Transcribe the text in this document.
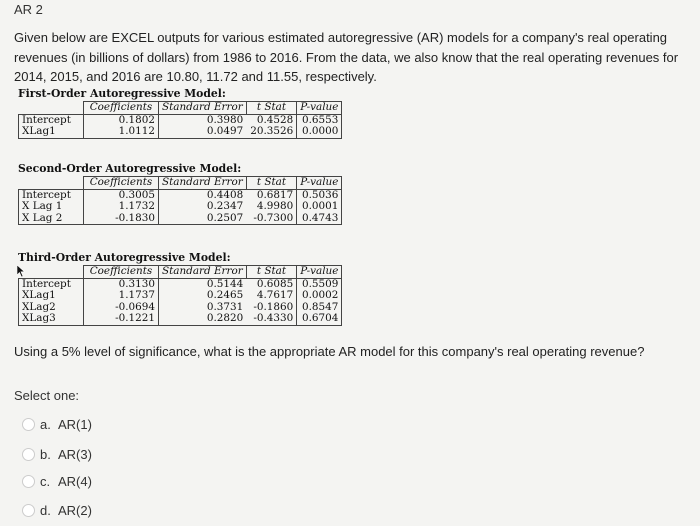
AR 2
Given below are EXCEL outputs for various estimated autoregressive (AR) models for a company's real operating revenues (in billions of dollars) from 1986 to 2016. From the data, we also know that the real operating revenues for 2014, 2015, and 2016 are 10.80, 11.72 and 11.55, respectively.
First-Order Autoregressive Model:
	Coefficients	Standard Error	t Stat	P-value
Intercept	0.1802	0.3980	0.4528	0.6553
XLag1	1.0112	0.0497	20.3526	0.0000
Second-Order Autoregressive Model:
	Coefficients	Standard Error	t Stat	P-value
Intercept	0.3005	0.4408	0.6817	0.5036
X Lag 1	1.1732	0.2347	4.9980	0.0001
X Lag 2	-0.1830	0.2507	-0.7300	0.4743
Third-Order Autoregressive Model:
	Coefficients	Standard Error	t Stat	P-value
Intercept	0.3130	0.5144	0.6085	0.5509
XLag1	1.1737	0.2465	4.7617	0.0002
XLag2	-0.0694	0.3731	-0.1860	0.8547
XLag3	-0.1221	0.2820	-0.4330	0.6704
Using a 5% level of significance, what is the appropriate AR model for this company's real operating revenue?
Select one:
a. AR(1)
b. AR(3)
c. AR(4)
d. AR(2)
